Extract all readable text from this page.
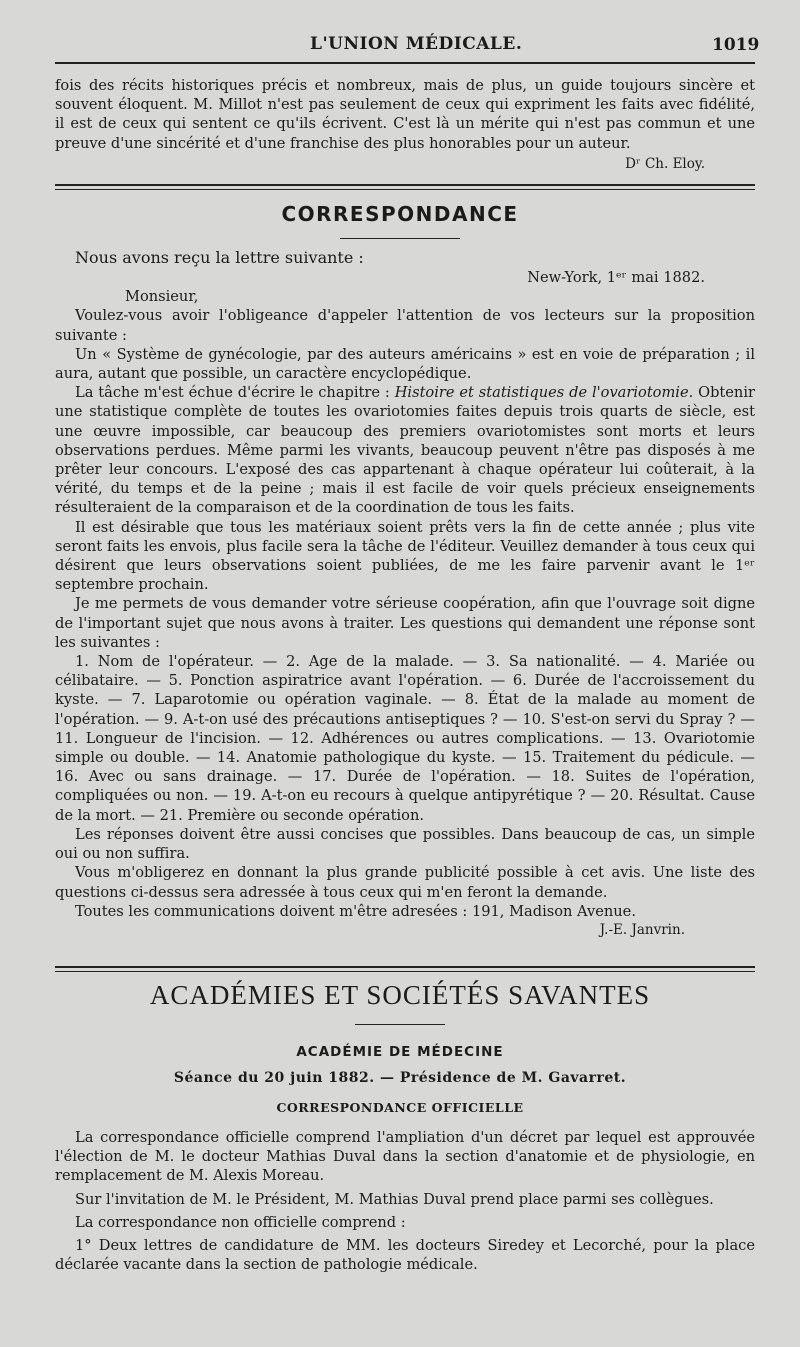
L'UNION MÉDICALE.	1019

fois des récits historiques précis et nombreux, mais de plus, un guide toujours sincère et souvent éloquent. M. Millot n'est pas seulement de ceux qui expriment les faits avec fidélité, il est de ceux qui sentent ce qu'ils écrivent. C'est là un mérite qui n'est pas commun et une preuve d'une sincérité et d'une franchise des plus honorables pour un auteur.

Dʳ Ch. Eloy.

CORRESPONDANCE

Nous avons reçu la lettre suivante :

New-York, 1ᵉʳ mai 1882.

Monsieur,

Voulez-vous avoir l'obligeance d'appeler l'attention de vos lecteurs sur la proposition suivante :

Un « Système de gynécologie, par des auteurs américains » est en voie de préparation ; il aura, autant que possible, un caractère encyclopédique.

La tâche m'est échue d'écrire le chapitre : Histoire et statistiques de l'ovariotomie. Obtenir une statistique complète de toutes les ovariotomies faites depuis trois quarts de siècle, est une œuvre impossible, car beaucoup des premiers ovariotomistes sont morts et leurs observations perdues. Même parmi les vivants, beaucoup peuvent n'être pas disposés à me prêter leur concours. L'exposé des cas appartenant à chaque opérateur lui coûterait, à la vérité, du temps et de la peine ; mais il est facile de voir quels précieux enseignements résulteraient de la comparaison et de la coordination de tous les faits.

Il est désirable que tous les matériaux soient prêts vers la fin de cette année ; plus vite seront faits les envois, plus facile sera la tâche de l'éditeur. Veuillez demander à tous ceux qui désirent que leurs observations soient publiées, de me les faire parvenir avant le 1ᵉʳ septembre prochain.

Je me permets de vous demander votre sérieuse coopération, afin que l'ouvrage soit digne de l'important sujet que nous avons à traiter. Les questions qui demandent une réponse sont les suivantes :

1. Nom de l'opérateur. — 2. Age de la malade. — 3. Sa nationalité. — 4. Mariée ou célibataire. — 5. Ponction aspiratrice avant l'opération. — 6. Durée de l'accroissement du kyste. — 7. Laparotomie ou opération vaginale. — 8. État de la malade au moment de l'opération. — 9. A-t-on usé des précautions antiseptiques ? — 10. S'est-on servi du Spray ? — 11. Longueur de l'incision. — 12. Adhérences ou autres complications. — 13. Ovariotomie simple ou double. — 14. Anatomie pathologique du kyste. — 15. Traitement du pédicule. — 16. Avec ou sans drainage. — 17. Durée de l'opération. — 18. Suites de l'opération, compliquées ou non. — 19. A-t-on eu recours à quelque antipyrétique ? — 20. Résultat. Cause de la mort. — 21. Première ou seconde opération.

Les réponses doivent être aussi concises que possibles. Dans beaucoup de cas, un simple oui ou non suffira.

Vous m'obligerez en donnant la plus grande publicité possible à cet avis. Une liste des questions ci-dessus sera adressée à tous ceux qui m'en feront la demande.

Toutes les communications doivent m'être adresées : 191, Madison Avenue.

J.-E. Janvrin.

ACADÉMIES ET SOCIÉTÉS SAVANTES
ACADÉMIE DE MÉDECINE
Séance du 20 juin 1882. — Présidence de M. Gavarret.
CORRESPONDANCE OFFICIELLE

La correspondance officielle comprend l'ampliation d'un décret par lequel est approuvée l'élection de M. le docteur Mathias Duval dans la section d'anatomie et de physiologie, en remplacement de M. Alexis Moreau.

Sur l'invitation de M. le Président, M. Mathias Duval prend place parmi ses collègues.

La correspondance non officielle comprend :

1° Deux lettres de candidature de MM. les docteurs Siredey et Lecorché, pour la place déclarée vacante dans la section de pathologie médicale.
